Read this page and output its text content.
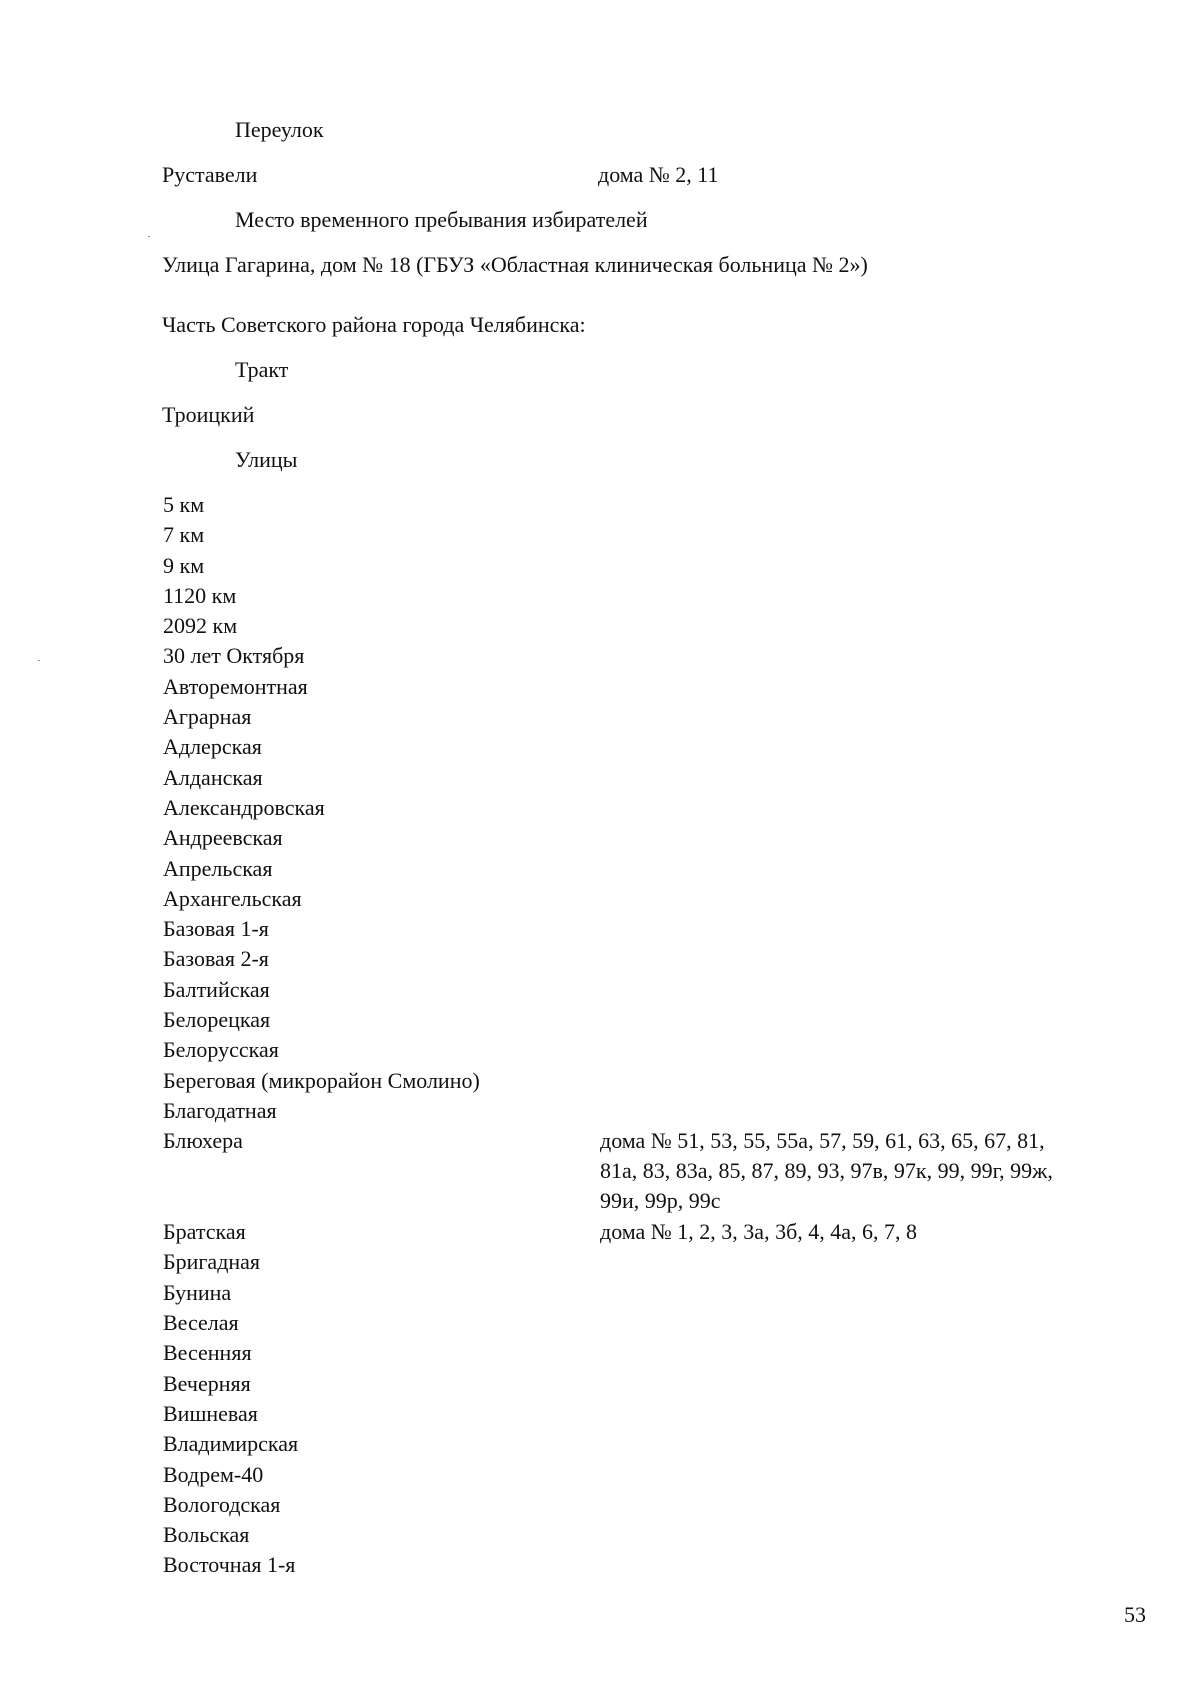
Переулок
Руставели	дома № 2, 11
Место временного пребывания избирателей
Улица Гагарина, дом № 18 (ГБУЗ «Областная клиническая больница № 2»)
Часть Советского района города Челябинска:
Тракт
Троицкий
Улицы
5 км
7 км
9 км
1120 км
2092 км
30 лет Октября
Авторемонтная
Аграрная
Адлерская
Алданская
Александровская
Андреевская
Апрельская
Архангельская
Базовая 1-я
Базовая 2-я
Балтийская
Белорецкая
Белорусская
Береговая (микрорайон Смолино)
Благодатная
Блюхера
Братская
Бригадная
Бунина
Веселая
Весенняя
Вечерняя
Вишневая
Владимирская
Водрем-40
Вологодская
Вольская
Восточная 1-я
дома № 51, 53, 55, 55а, 57, 59, 61, 63, 65, 67, 81,
81а, 83, 83а, 85, 87, 89, 93, 97в, 97к, 99, 99г, 99ж,
99и, 99р, 99с
дома № 1, 2, 3, 3а, 3б, 4, 4а, 6, 7, 8
53
